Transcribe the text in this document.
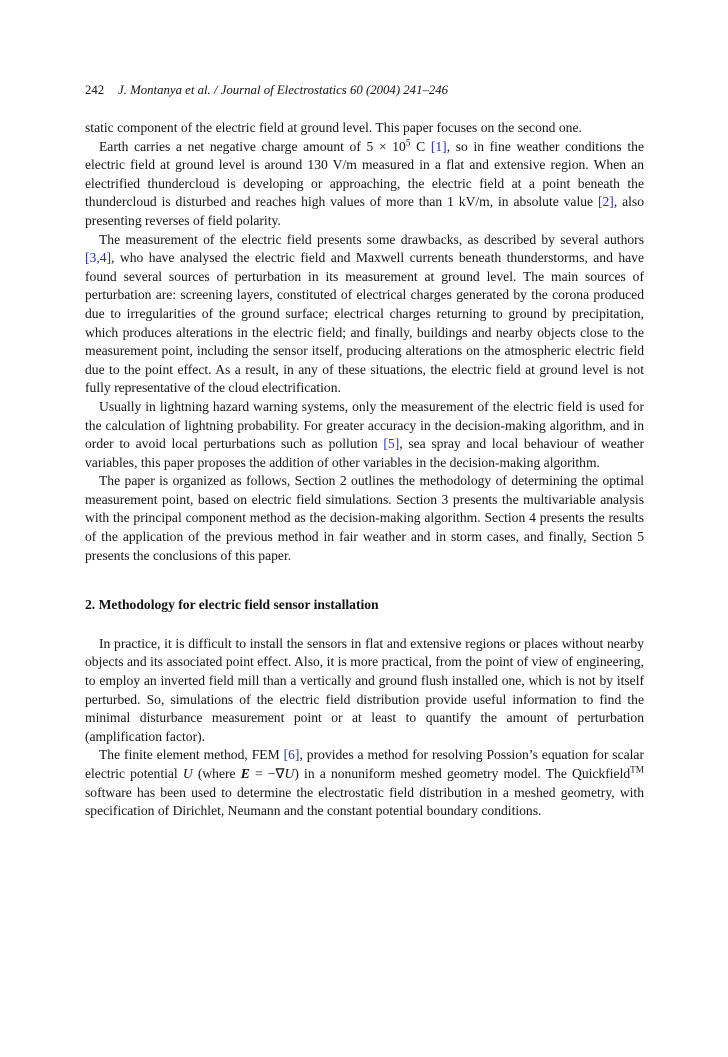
242	J. Montanya et al. / Journal of Electrostatics 60 (2004) 241–246

static component of the electric field at ground level. This paper focuses on the second one.

Earth carries a net negative charge amount of $5 \times 10^5$ C [1], so in fine weather conditions the electric field at ground level is around 130 V/m measured in a flat and extensive region. When an electrified thundercloud is developing or approaching, the electric field at a point beneath the thundercloud is disturbed and reaches high values of more than 1 kV/m, in absolute value [2], also presenting reverses of field polarity.

The measurement of the electric field presents some drawbacks, as described by several authors [3,4], who have analysed the electric field and Maxwell currents beneath thunderstorms, and have found several sources of perturbation in its measurement at ground level. The main sources of perturbation are: screening layers, constituted of electrical charges generated by the corona produced due to irregularities of the ground surface; electrical charges returning to ground by precipitation, which produces alterations in the electric field; and finally, buildings and nearby objects close to the measurement point, including the sensor itself, producing alterations on the atmospheric electric field due to the point effect. As a result, in any of these situations, the electric field at ground level is not fully representative of the cloud electrification.

Usually in lightning hazard warning systems, only the measurement of the electric field is used for the calculation of lightning probability. For greater accuracy in the decision-making algorithm, and in order to avoid local perturbations such as pollution [5], sea spray and local behaviour of weather variables, this paper proposes the addition of other variables in the decision-making algorithm.

The paper is organized as follows, Section 2 outlines the methodology of determining the optimal measurement point, based on electric field simulations. Section 3 presents the multivariable analysis with the principal component method as the decision-making algorithm. Section 4 presents the results of the application of the previous method in fair weather and in storm cases, and finally, Section 5 presents the conclusions of this paper.

2. Methodology for electric field sensor installation

In practice, it is difficult to install the sensors in flat and extensive regions or places without nearby objects and its associated point effect. Also, it is more practical, from the point of view of engineering, to employ an inverted field mill than a vertically and ground flush installed one, which is not by itself perturbed. So, simulations of the electric field distribution provide useful information to find the minimal disturbance measurement point or at least to quantify the amount of perturbation (amplification factor).

The finite element method, FEM [6], provides a method for resolving Possion’s equation for scalar electric potential U (where E = −∇U) in a nonuniform meshed geometry model. The Quickfield™ software has been used to determine the electrostatic field distribution in a meshed geometry, with specification of Dirichlet, Neumann and the constant potential boundary conditions.
